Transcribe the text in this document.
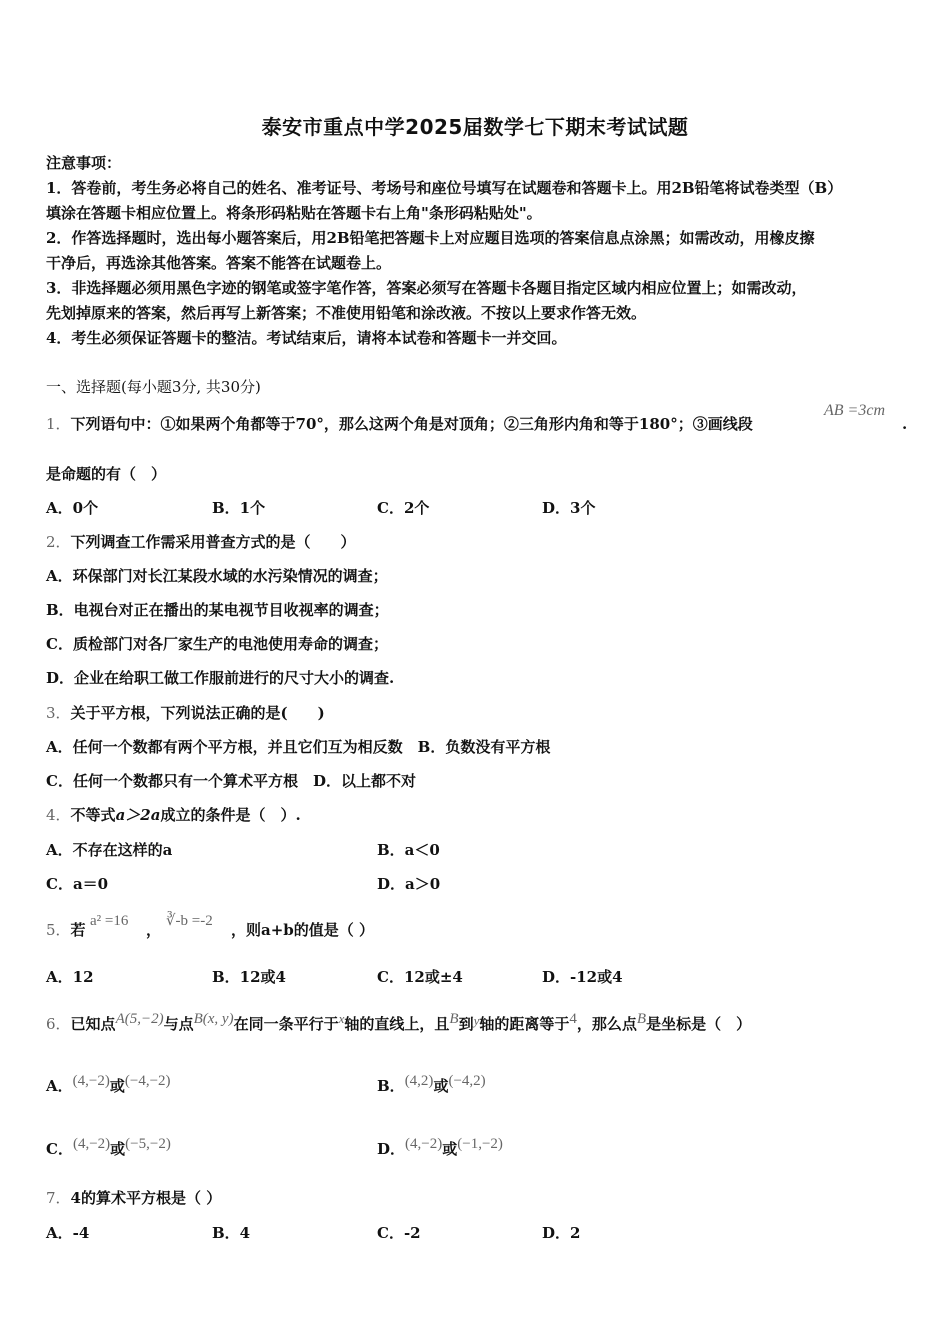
泰安市重点中学2025届数学七下期末考试试题
注意事项：
1．答卷前，考生务必将自己的姓名、准考证号、考场号和座位号填写在试题卷和答题卡上。用2B铅笔将试卷类型（B）
填涂在答题卡相应位置上。将条形码粘贴在答题卡右上角"条形码粘贴处"。
2．作答选择题时，选出每小题答案后，用2B铅笔把答题卡上对应题目选项的答案信息点涂黑；如需改动，用橡皮擦
干净后，再选涂其他答案。答案不能答在试题卷上。
3．非选择题必须用黑色字迹的钢笔或签字笔作答，答案必须写在答题卡各题目指定区域内相应位置上；如需改动，
先划掉原来的答案，然后再写上新答案；不准使用铅笔和涂改液。不按以上要求作答无效。
4．考生必须保证答题卡的整洁。考试结束后，请将本试卷和答题卡一并交回。
一、选择题(每小题3分, 共30分)
1．下列语句中：①如果两个角都等于70°，那么这两个角是对顶角；②三角形内角和等于180°；③画线段
AB =3cm
.
是命题的有（　）
A．0个	B．1个	C．2个	D．3个
2．下列调查工作需采用普查方式的是（　　）
A．环保部门对长江某段水域的水污染情况的调查；
B．电视台对正在播出的某电视节目收视率的调查；
C．质检部门对各厂家生产的电池使用寿命的调查；
D．企业在给职工做工作服前进行的尺寸大小的调查.
3．关于平方根，下列说法正确的是(　　)
A．任何一个数都有两个平方根，并且它们互为相反数　B．负数没有平方根
C．任何一个数都只有一个算术平方根　D．以上都不对
4．不等式a＞2a成立的条件是（　）.
A．不存在这样的a	B．a＜0
C．a＝0	D．a＞0
5．若 a² =16 ， ∛-b =-2 ，则a+b的值是（ ）
A．12	B．12或4	C．12或±4	D．-12或4
6．已知点A(5,−2)与点B(x, y)在同一条平行于x轴的直线上，且B到y轴的距离等于4，那么点B是坐标是（　）
A．(4,−2)或(−4,−2)	B．(4,2)或(−4,2)
C．(4,−2)或(−5,−2)	D．(4,−2)或(−1,−2)
7．4的算术平方根是（ ）
A．-4	B．4	C．-2	D．2
